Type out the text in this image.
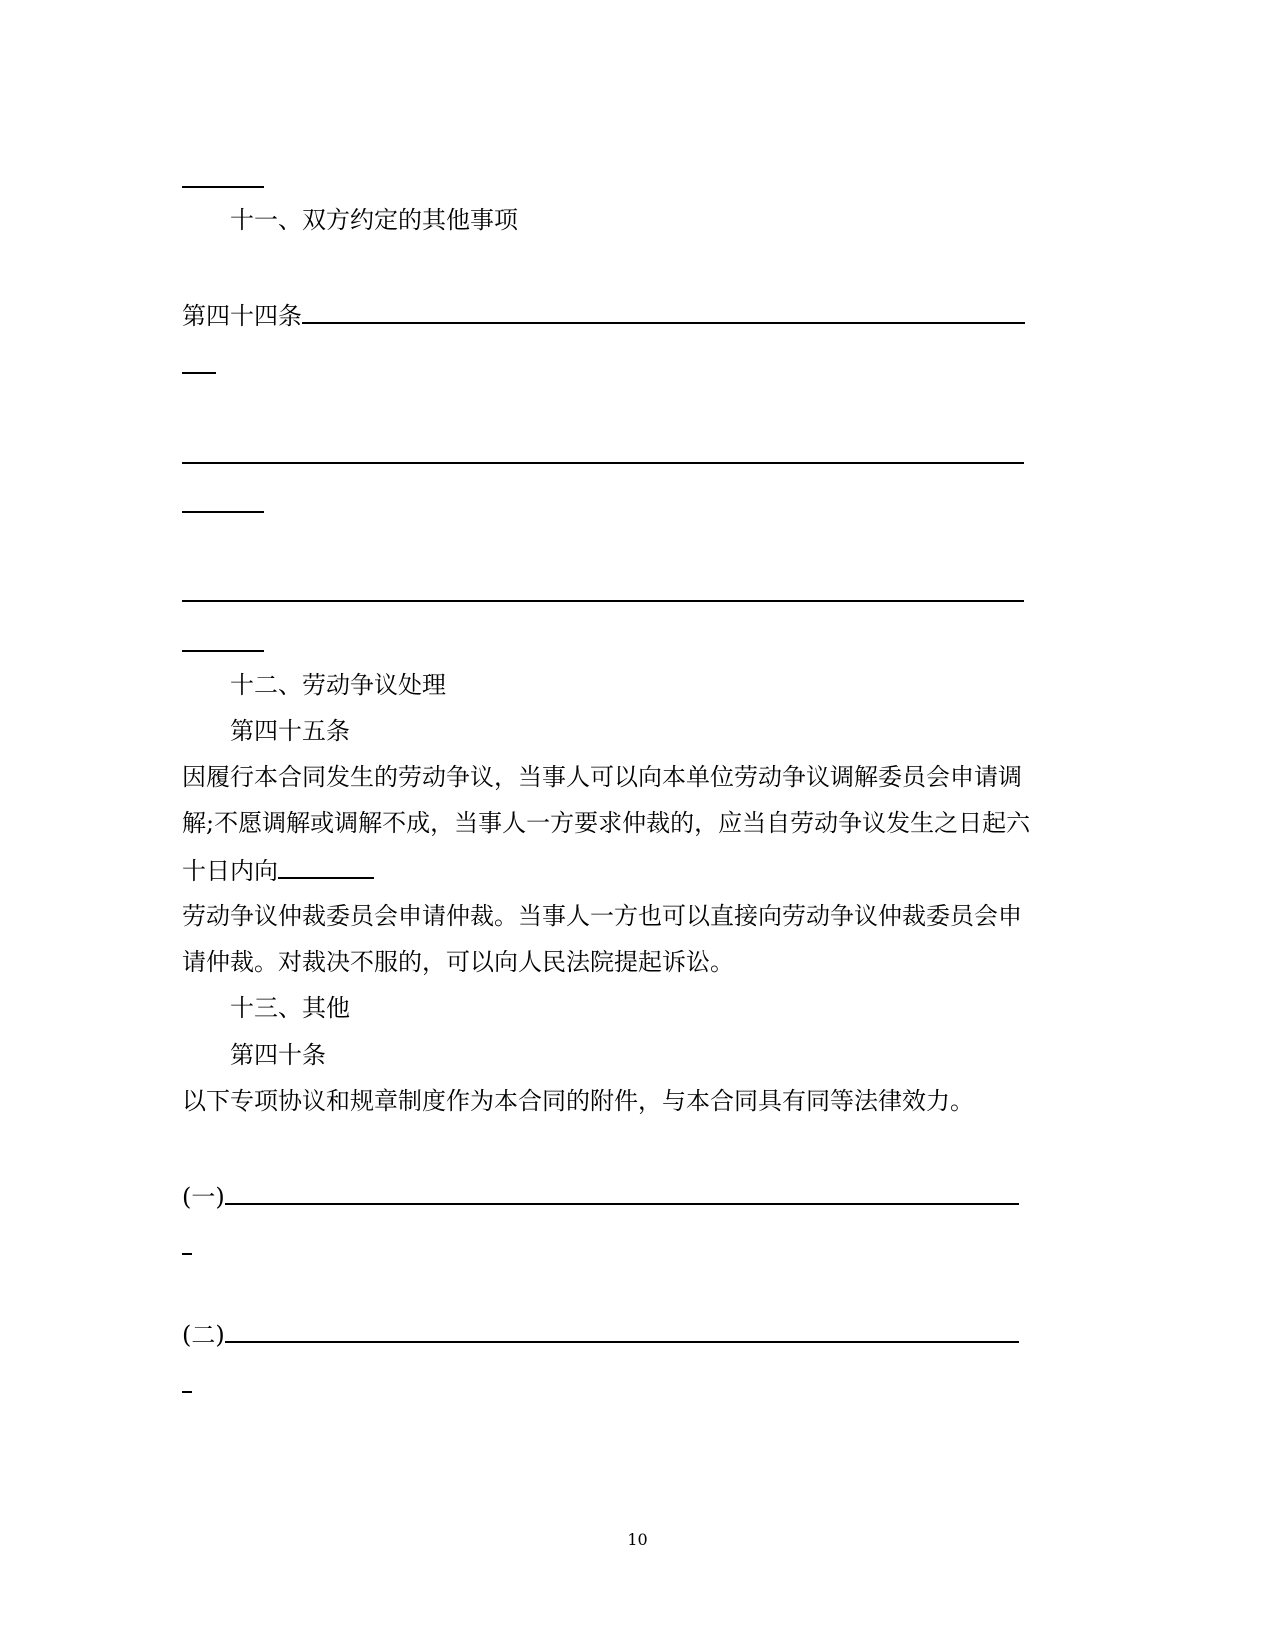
十一、双方约定的其他事项
第四十四条
十二、劳动争议处理
第四十五条
因履行本合同发生的劳动争议，当事人可以向本单位劳动争议调解委员会申请调
解;不愿调解或调解不成，当事人一方要求仲裁的，应当自劳动争议发生之日起六
十日内向
劳动争议仲裁委员会申请仲裁。当事人一方也可以直接向劳动争议仲裁委员会申
请仲裁。对裁决不服的，可以向人民法院提起诉讼。
十三、其他
第四十条
以下专项协议和规章制度作为本合同的附件，与本合同具有同等法律效力。
(一)
(二)
10
